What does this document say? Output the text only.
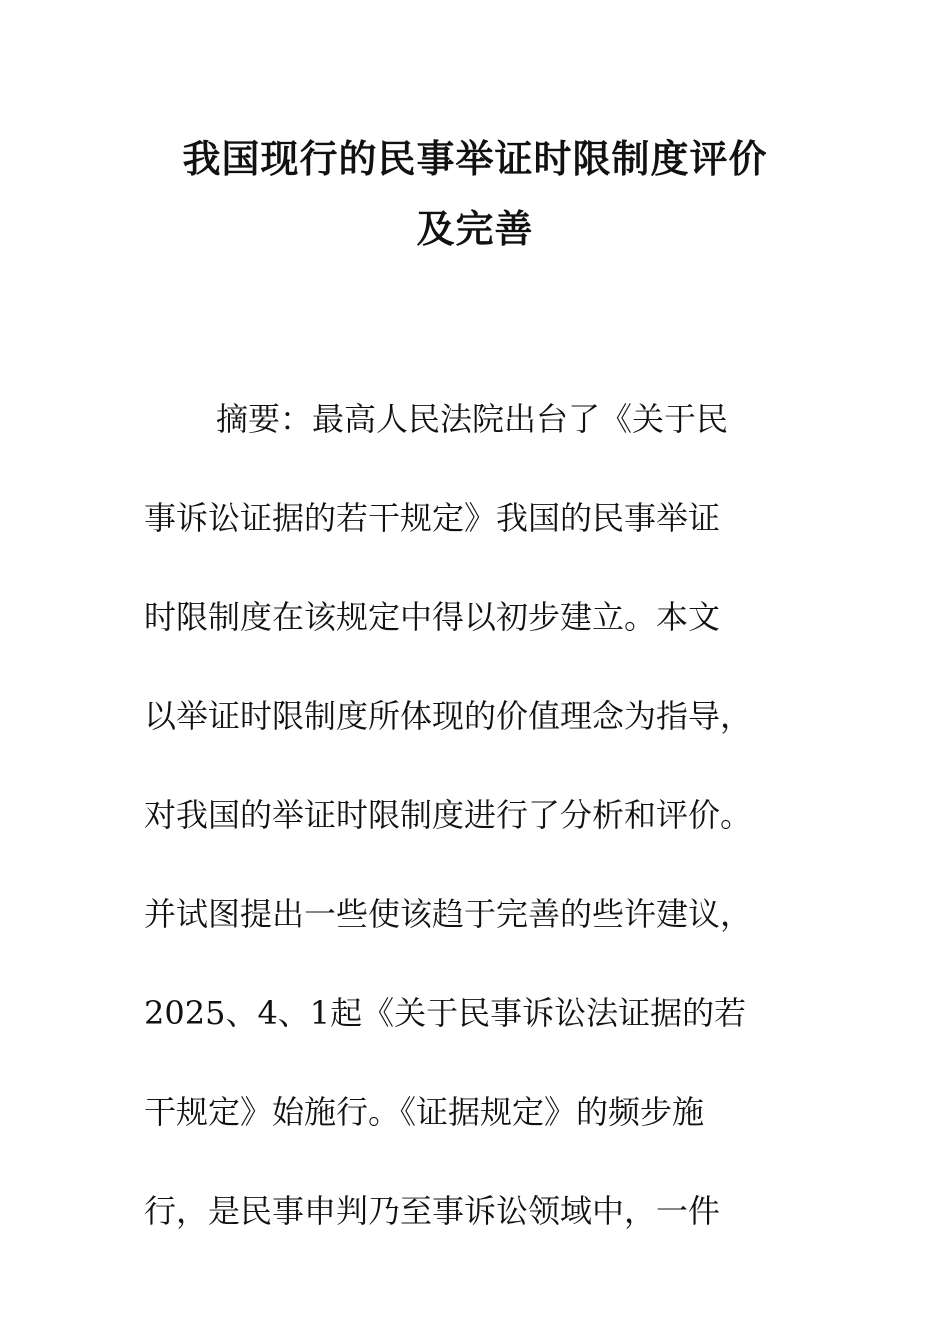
我国现行的民事举证时限制度评价
及完善
摘要：最高人民法院出台了《关于民
事诉讼证据的若干规定》我国的民事举证
时限制度在该规定中得以初步建立。本文
以举证时限制度所体现的价值理念为指导，
对我国的举证时限制度进行了分析和评价。
并试图提出一些使该趋于完善的些许建议，
2025、4、1起《关于民事诉讼法证据的若
干规定》始施行。《证据规定》的频步施
行，是民事申判乃至事诉讼领域中，一件
